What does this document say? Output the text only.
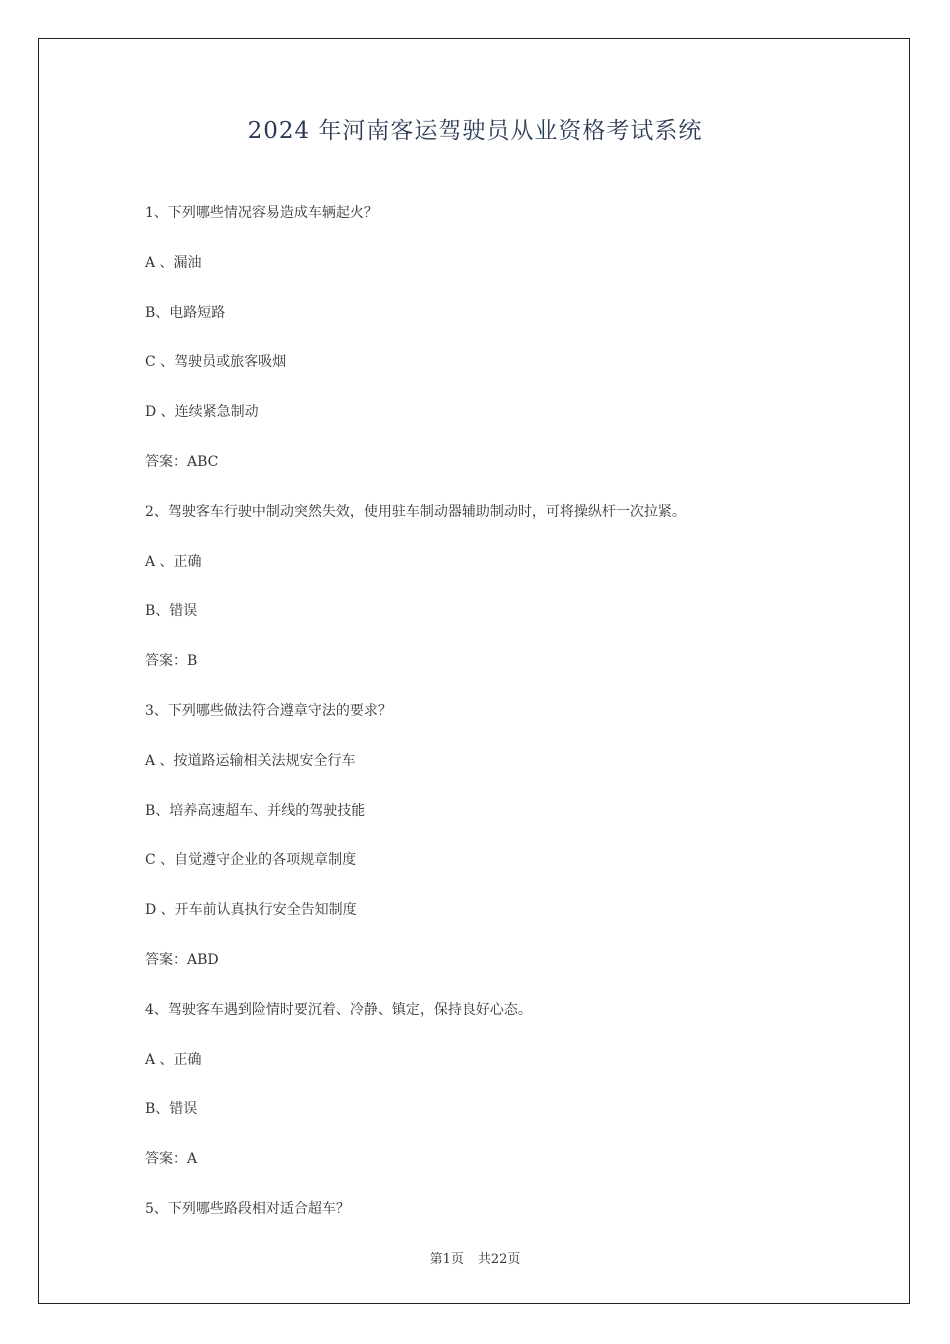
2024 年河南客运驾驶员从业资格考试系统
1、下列哪些情况容易造成车辆起火？
A 、漏油
B、电路短路
C 、驾驶员或旅客吸烟
D 、连续紧急制动
答案：ABC
2、驾驶客车行驶中制动突然失效，使用驻车制动器辅助制动时，可将操纵杆一次拉紧。
A 、正确
B、错误
答案：B
3、下列哪些做法符合遵章守法的要求？
A 、按道路运输相关法规安全行车
B、培养高速超车、并线的驾驶技能
C 、自觉遵守企业的各项规章制度
D 、开车前认真执行安全告知制度
答案：ABD
4、驾驶客车遇到险情时要沉着、冷静、镇定，保持良好心态。
A 、正确
B、错误
答案：A
5、下列哪些路段相对适合超车？
第1页 共22页
